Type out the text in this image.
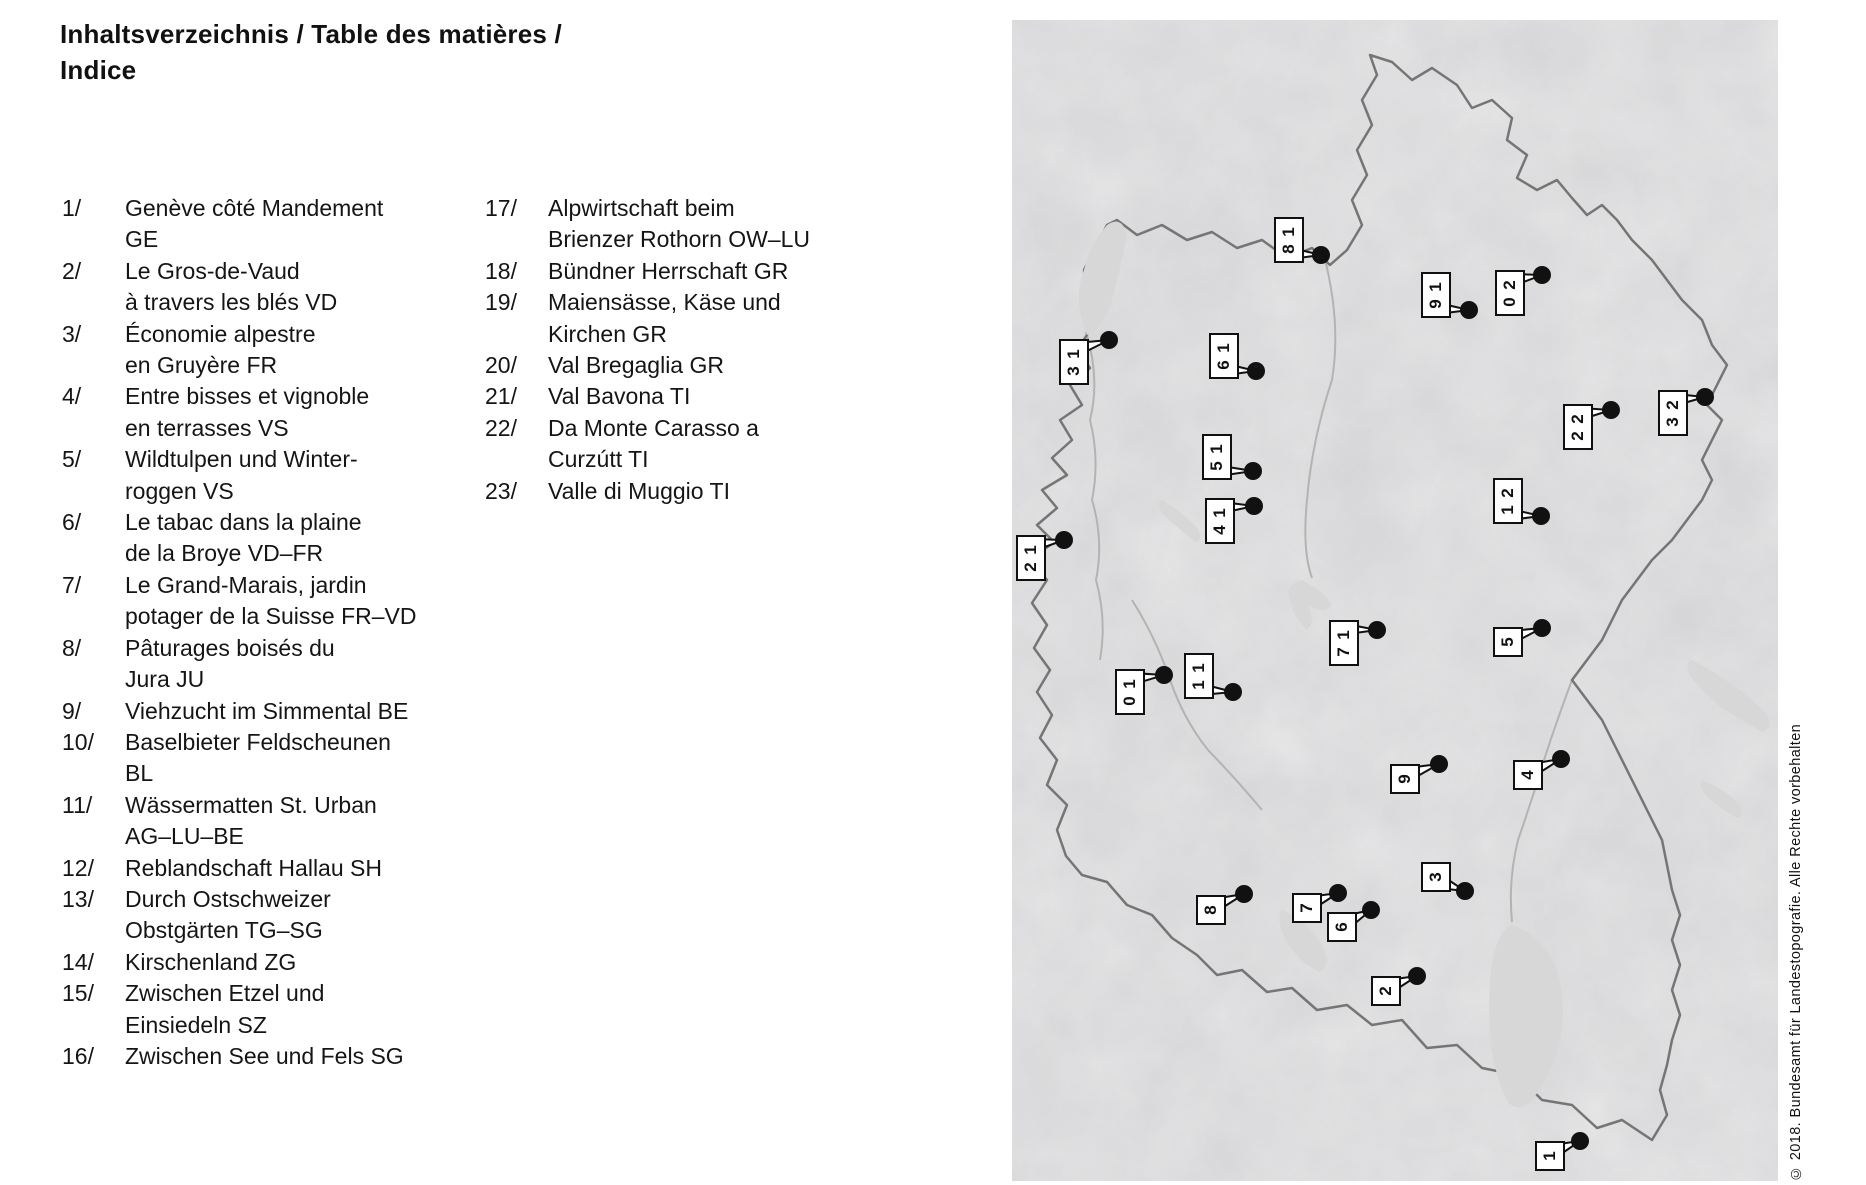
Inhaltsverzeichnis / Table des matières /
Indice
1/	Genève côté Mandement
GE
2/	Le Gros-de-Vaud
à travers les blés VD
3/	Économie alpestre
en Gruyère FR
4/	Entre bisses et vignoble
en terrasses VS
5/	Wildtulpen und Winter-
roggen VS
6/	Le tabac dans la plaine
de la Broye VD–FR
7/	Le Grand-Marais, jardin
potager de la Suisse FR–VD
8/	Pâturages boisés du
Jura JU
9/	Viehzucht im Simmental BE
10/	Baselbieter Feldscheunen
BL
11/	Wässermatten St. Urban
AG–LU–BE
12/	Reblandschaft Hallau SH
13/	Durch Ostschweizer
Obstgärten TG–SG
14/	Kirschenland ZG
15/	Zwischen Etzel und
Einsiedeln SZ
16/	Zwischen See und Fels SG
17/	Alpwirtschaft beim
Brienzer Rothorn OW–LU
18/	Bündner Herrschaft GR
19/	Maiensässe, Käse und
Kirchen GR
20/	Val Bregaglia GR
21/	Val Bavona TI
22/	Da Monte Carasso a
Curzútt TI
23/	Valle di Muggio TI
1
2
3
4
5
6
7
8
9
1
0
1
1
1
2
1
3
1
4
1
5
1
6
1
7
1
8
1
9
2
0
2
1
2
2
2
3
© 2018. Bundesamt für Landestopografie. Alle Rechte vorbehalten
